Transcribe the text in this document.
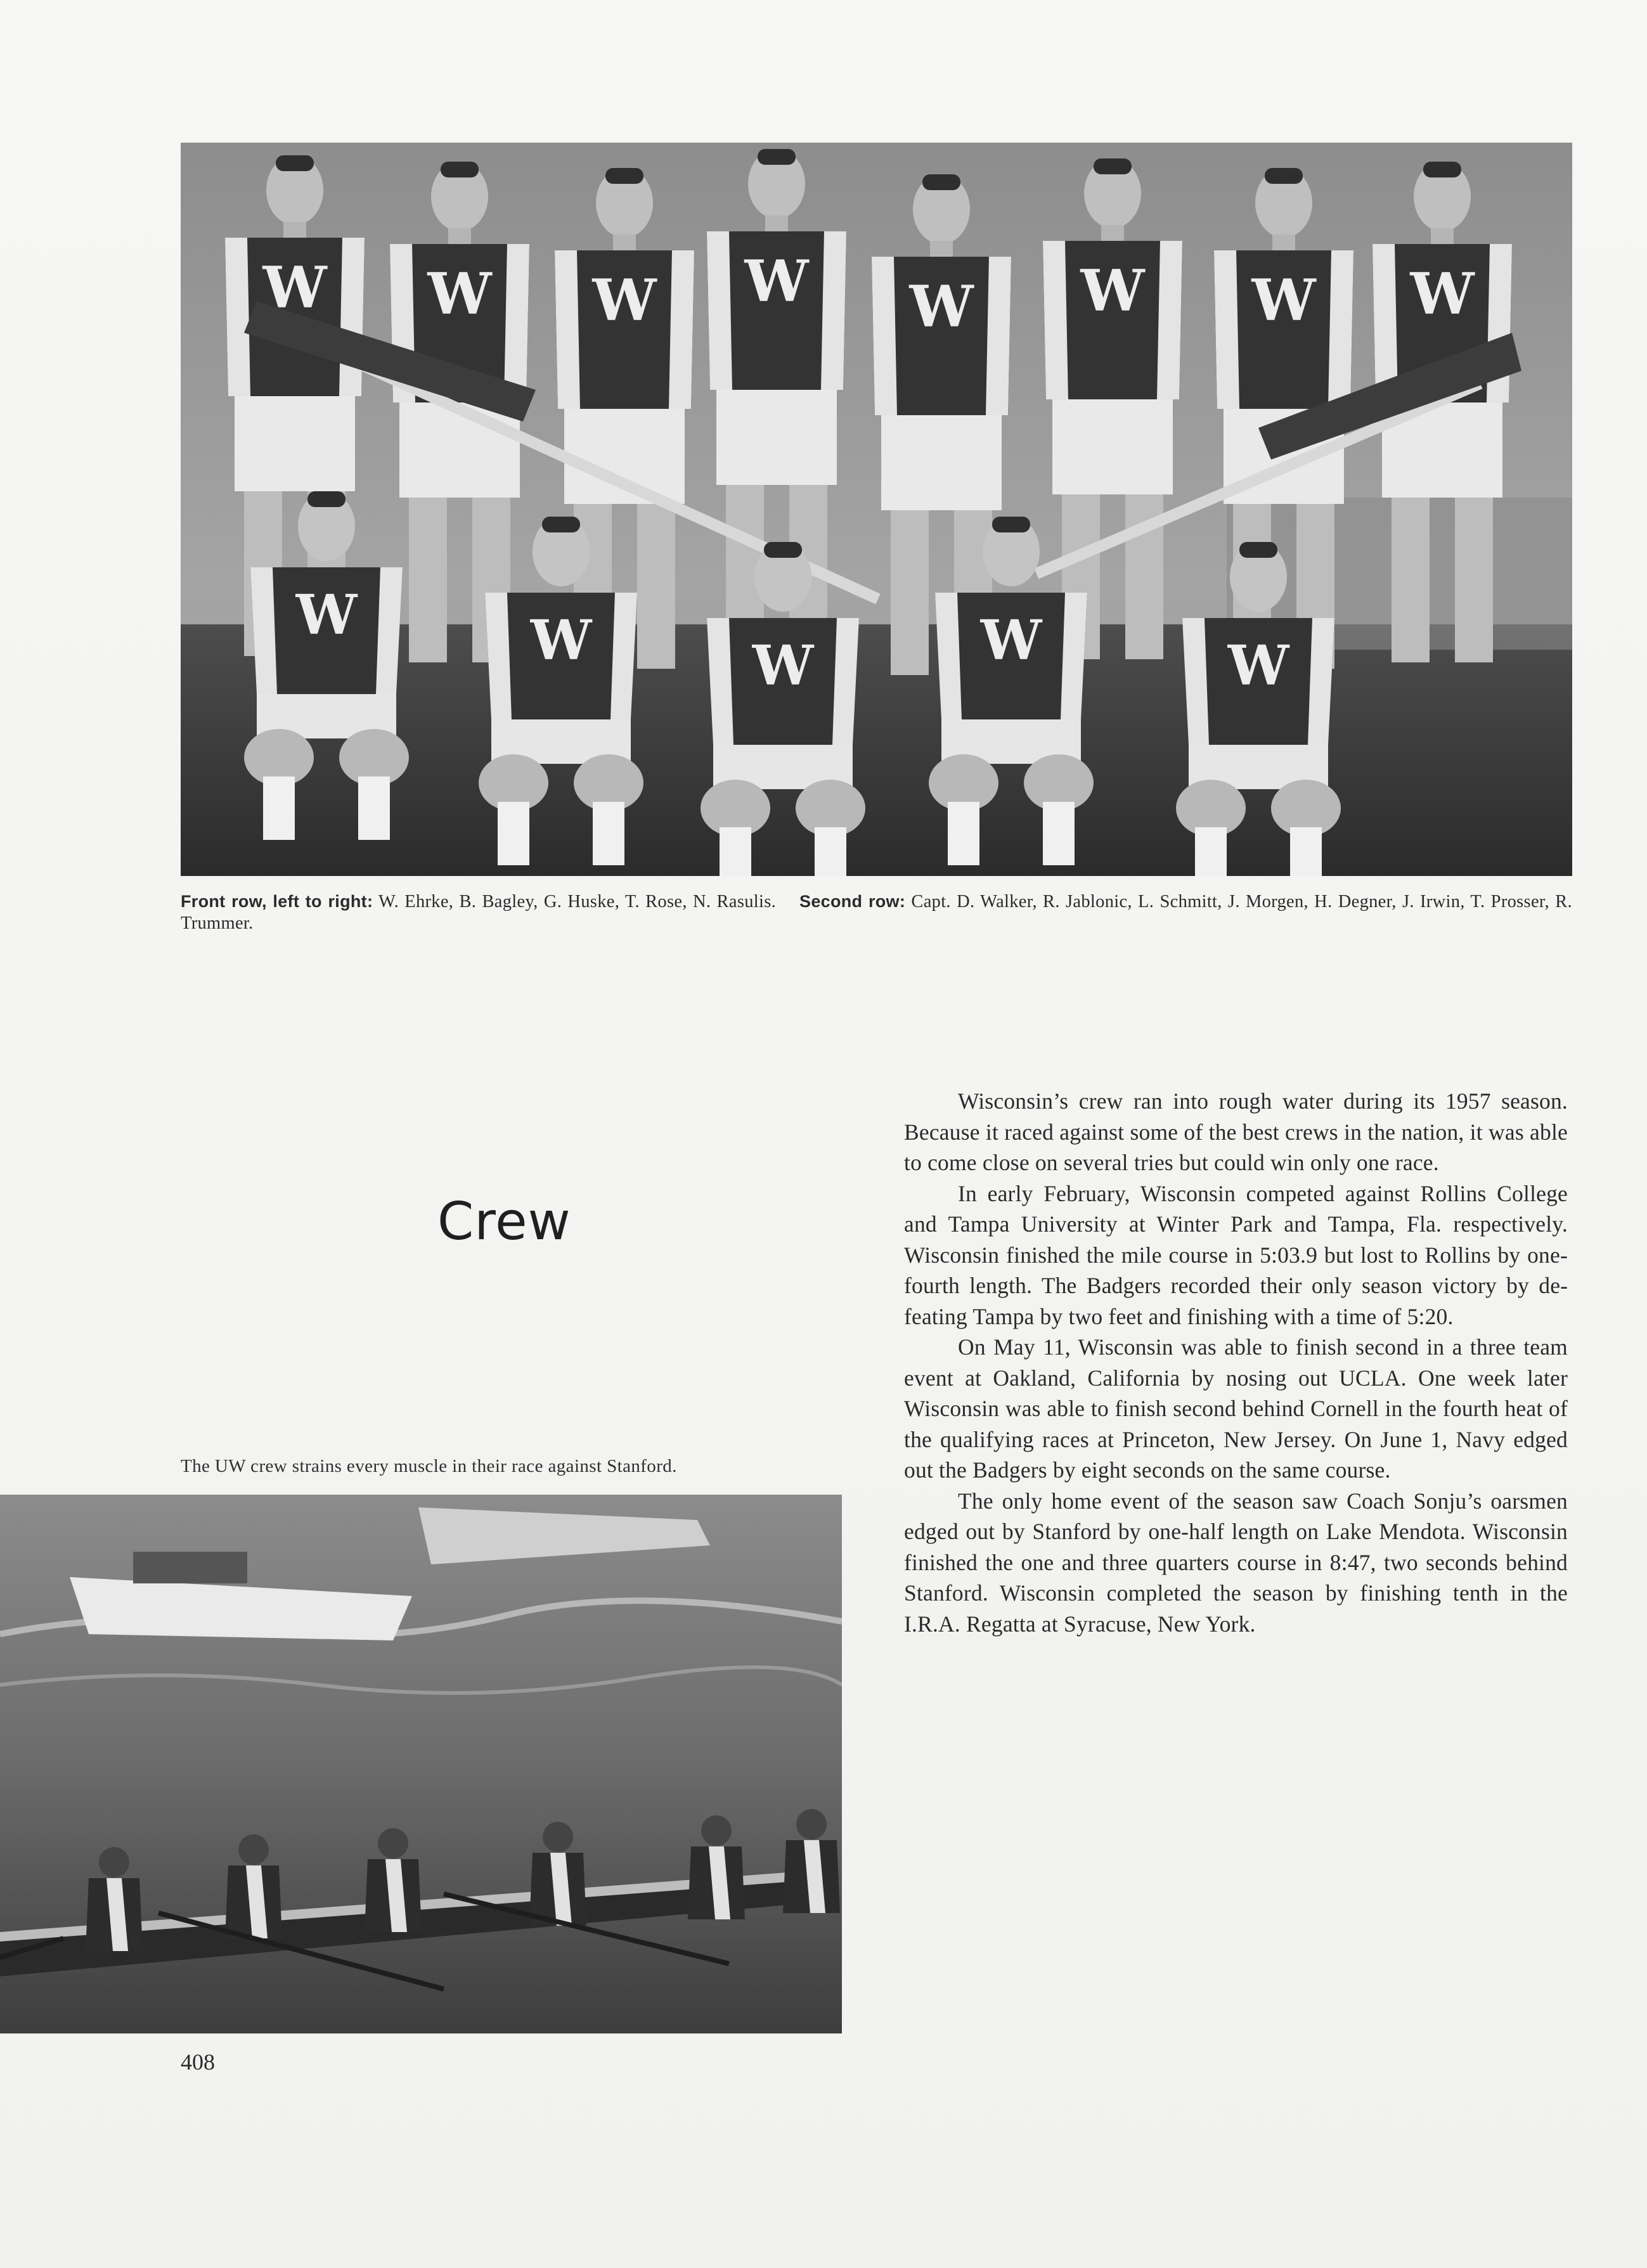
Front row, left to right: W. Ehrke, B. Bagley, G. Huske, T. Rose, N. Rasulis. Second row: Capt. D. Walker, R. Jablonic, L. Schmitt, J. Morgen, H. Degner, J. Irwin, T. Prosser, R. Trummer.
Crew
The UW crew strains every muscle in their race against Stanford.

Wisconsin’s crew ran into rough water during its 1957 season. Because it raced against some of the best crews in the nation, it was able to come close on several tries but could win only one race.

In early February, Wisconsin competed against Rollins College and Tampa University at Winter Park and Tampa, Fla. respectively. Wisconsin finished the mile course in 5:03.9 but lost to Rollins by one-fourth length. The Badgers recorded their only season victory by defeating Tampa by two feet and finishing with a time of 5:20.

On May 11, Wisconsin was able to finish second in a three team event at Oakland, California by nosing out UCLA. One week later Wisconsin was able to finish second behind Cornell in the fourth heat of the qualifying races at Princeton, New Jersey. On June 1, Navy edged out the Badgers by eight seconds on the same course.

The only home event of the season saw Coach Sonju’s oarsmen edged out by Stanford by one-half length on Lake Mendota. Wisconsin finished the one and three quarters course in 8:47, two seconds behind Stanford. Wisconsin completed the season by finishing tenth in the I.R.A. Regatta at Syracuse, New York.

408
